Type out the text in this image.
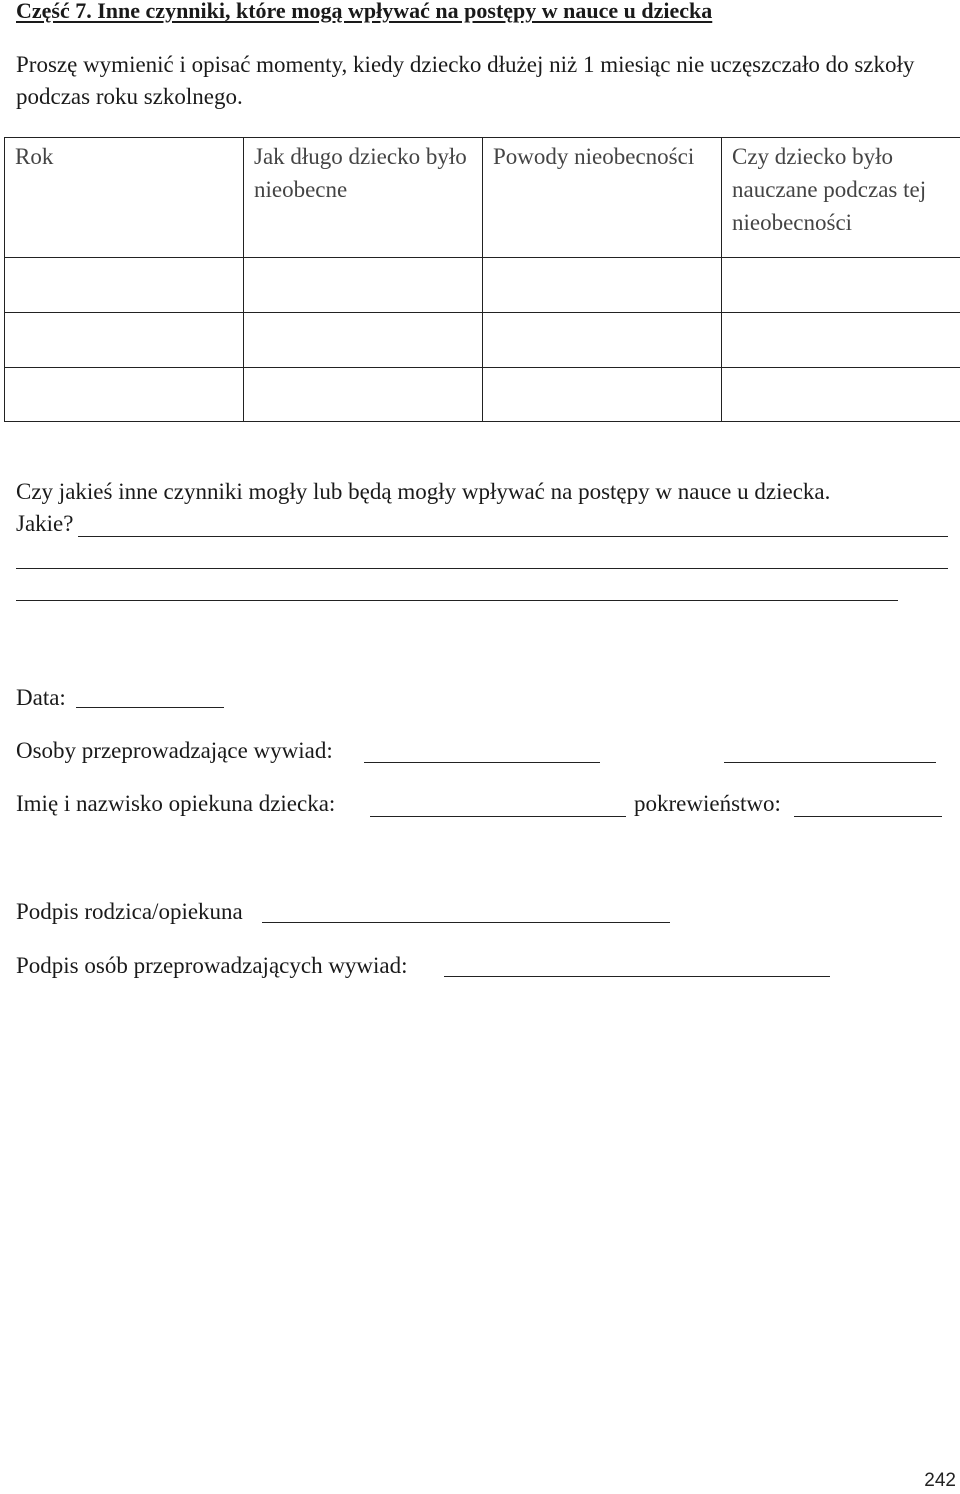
Część 7. Inne czynniki, które mogą wpływać na postępy w nauce u dziecka
Proszę wymienić i opisać momenty, kiedy dziecko dłużej niż 1 miesiąc nie uczęszczało do szkoły podczas roku szkolnego.
Rok	Jak długo dziecko było nieobecne	Powody nieobecności	Czy dziecko było nauczane podczas tej nieobecności

Czy jakieś inne czynniki mogły lub będą mogły wpływać na postępy w nauce u dziecka.
Jakie?
Data:
Osoby przeprowadzające wywiad:
Imię i nazwisko opiekuna dziecka:	pokrewieństwo:
Podpis rodzica/opiekuna
Podpis osób przeprowadzających wywiad:
242
